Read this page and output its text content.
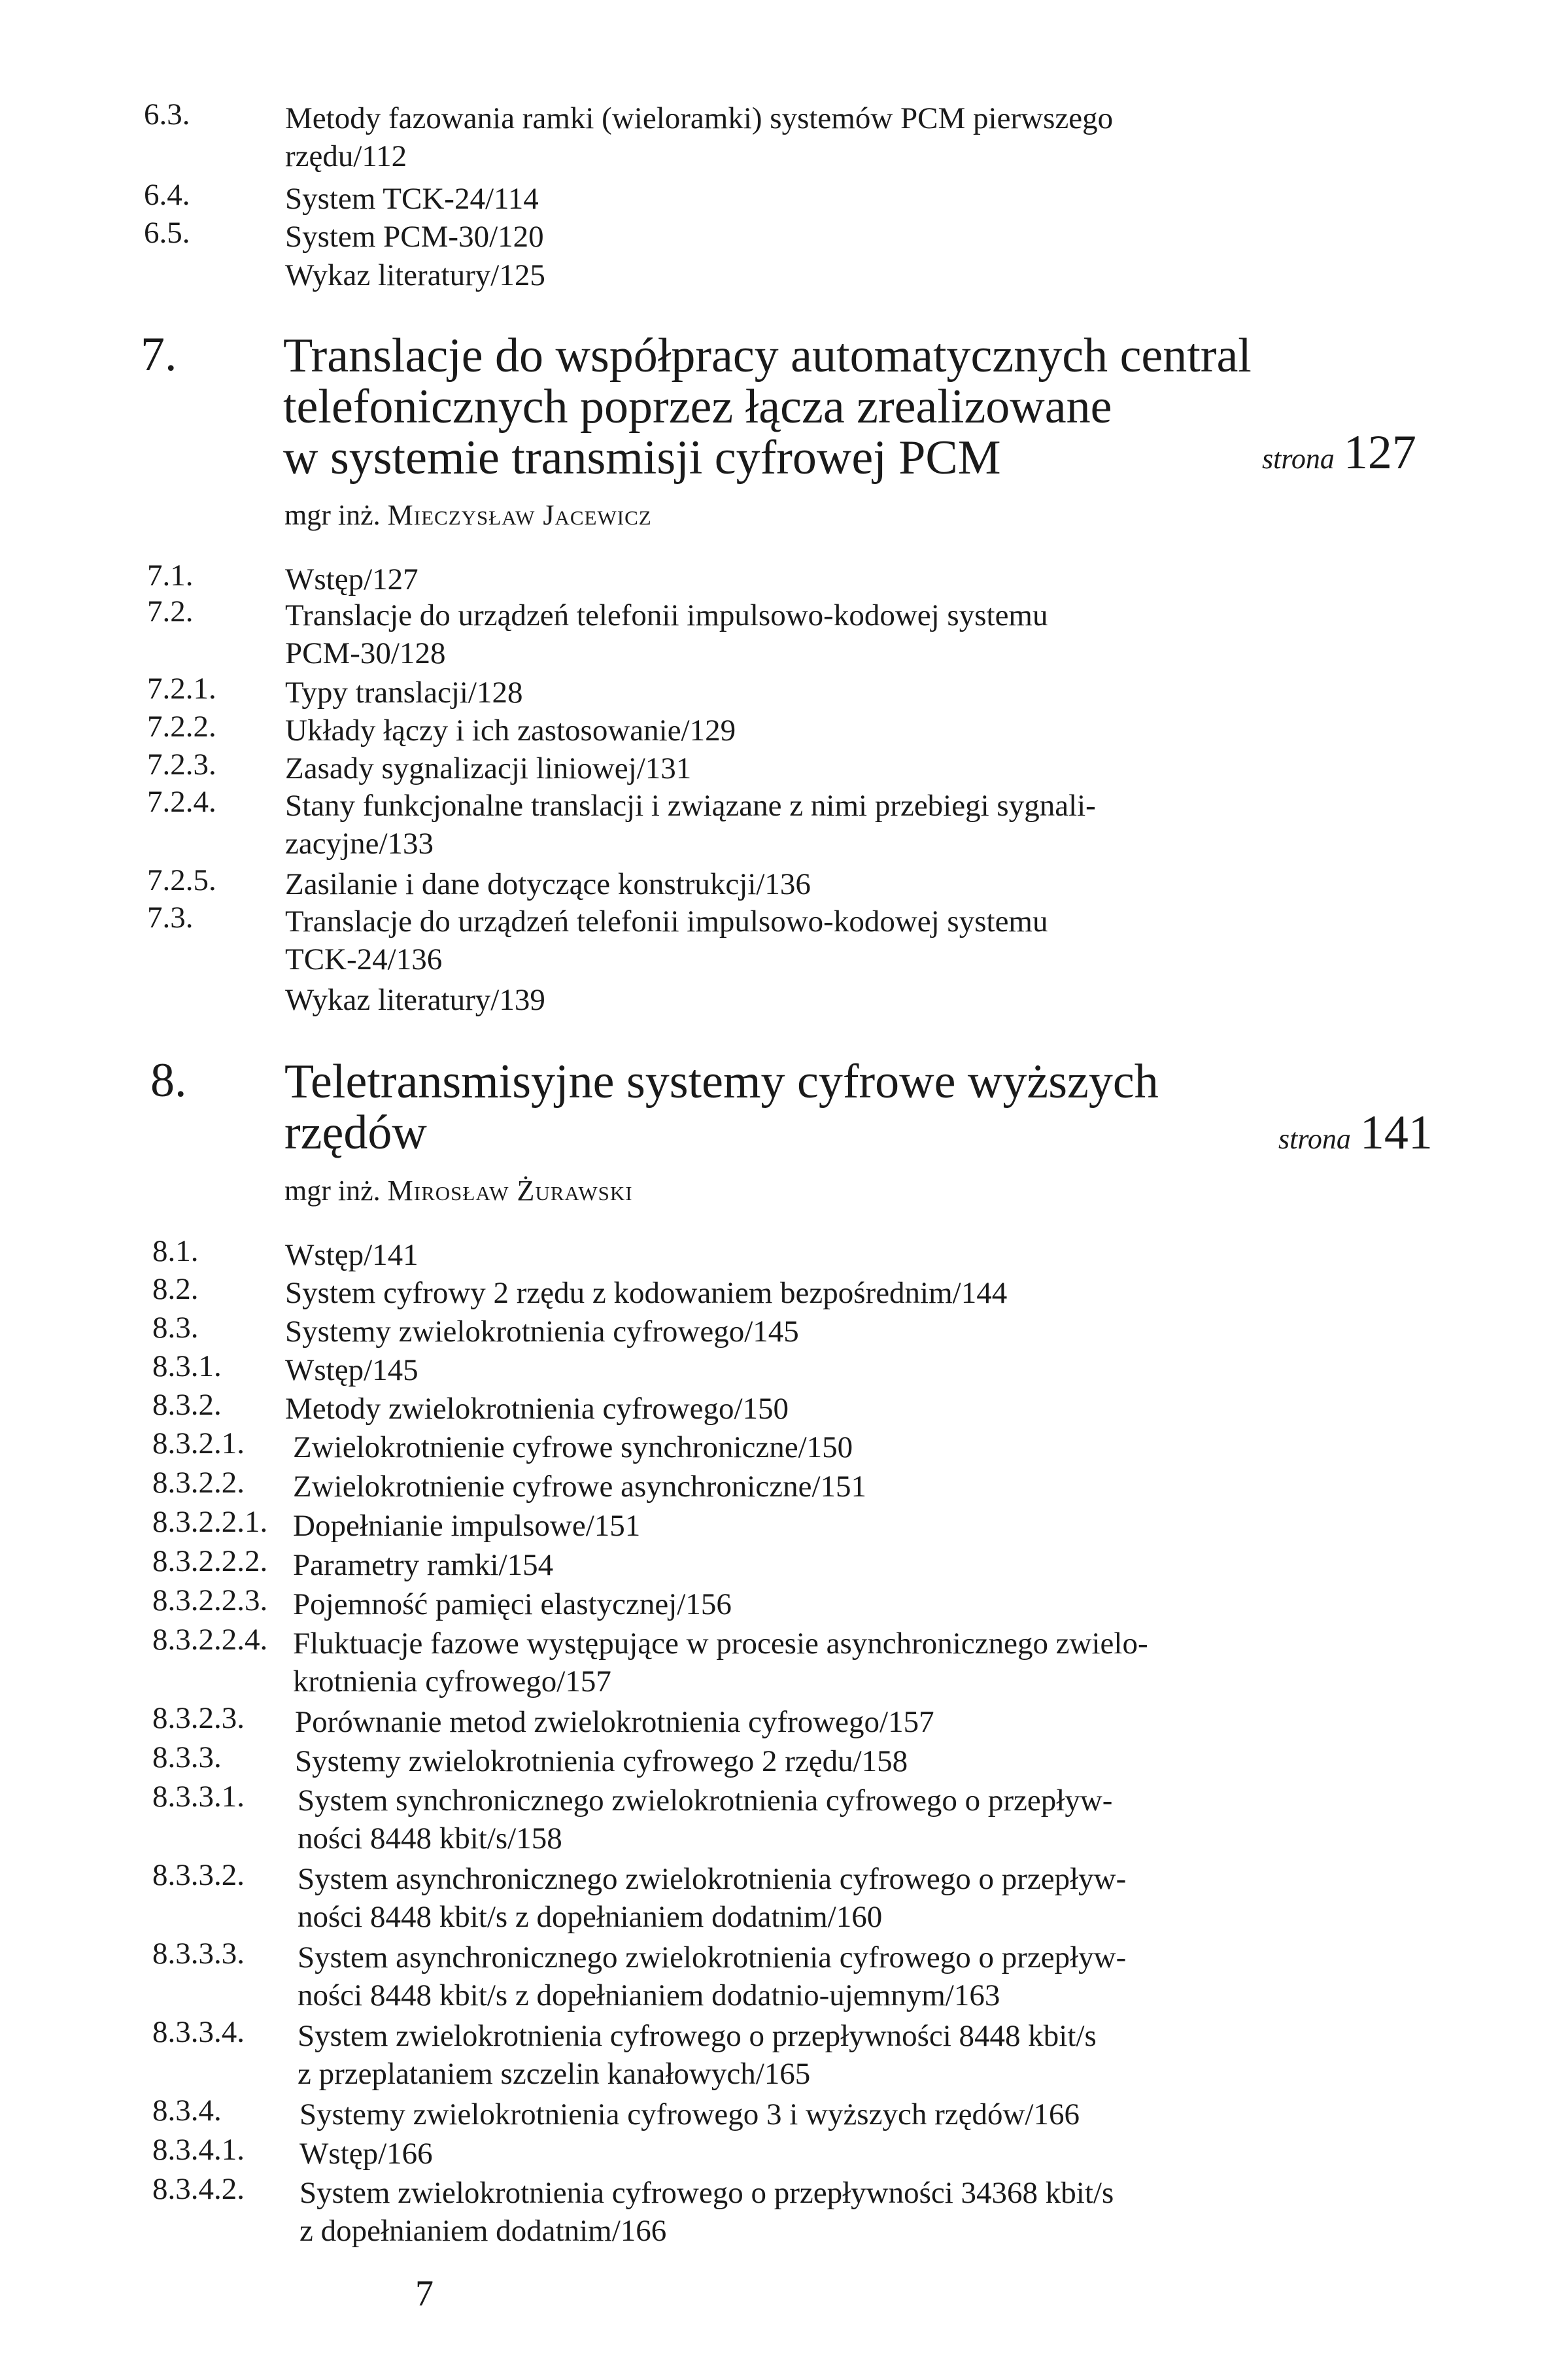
6.3.	Metody fazowania ramki (wieloramki) systemów PCM pierwszego
rzędu/112
6.4.	System TCK-24/114
6.5.	System PCM-30/120
Wykaz literatury/125
7. Translacje do współpracy automatycznych central
telefonicznych poprzez łącza zrealizowane
w systemie transmisji cyfrowej PCM	strona 127
mgr inż. Mieczysław Jacewicz
7.1.	Wstęp/127
7.2.	Translacje do urządzeń telefonii impulsowo-kodowej systemu
PCM-30/128
7.2.1. Typy translacji/128
7.2.2. Układy łączy i ich zastosowanie/129
7.2.3. Zasady sygnalizacji liniowej/131
7.2.4. Stany funkcjonalne translacji i związane z nimi przebiegi sygnali-
zacyjne/133
7.2.5. Zasilanie i dane dotyczące konstrukcji/136
7.3.	Translacje do urządzeń telefonii impulsowo-kodowej systemu
TCK-24/136
Wykaz literatury/139
8. Teletransmisyjne systemy cyfrowe wyższych
rzędów	strona 141
mgr inż. Mirosław Żurawski
8.1.	Wstęp/141
8.2.	System cyfrowy 2 rzędu z kodowaniem bezpośrednim/144
8.3.	Systemy zwielokrotnienia cyfrowego/145
8.3.1. Wstęp/145
8.3.2. Metody zwielokrotnienia cyfrowego/150
8.3.2.1. Zwielokrotnienie cyfrowe synchroniczne/150
8.3.2.2. Zwielokrotnienie cyfrowe asynchroniczne/151
8.3.2.2.1. Dopełnianie impulsowe/151
8.3.2.2.2. Parametry ramki/154
8.3.2.2.3. Pojemność pamięci elastycznej/156
8.3.2.2.4. Fluktuacje fazowe występujące w procesie asynchronicznego zwielo-
krotnienia cyfrowego/157
8.3.2.3. Porównanie metod zwielokrotnienia cyfrowego/157
8.3.3. Systemy zwielokrotnienia cyfrowego 2 rzędu/158
8.3.3.1. System synchronicznego zwielokrotnienia cyfrowego o przepływ-
ności 8448 kbit/s/158
8.3.3.2. System asynchronicznego zwielokrotnienia cyfrowego o przepływ-
ności 8448 kbit/s z dopełnianiem dodatnim/160
8.3.3.3. System asynchronicznego zwielokrotnienia cyfrowego o przepływ-
ności 8448 kbit/s z dopełnianiem dodatnio-ujemnym/163
8.3.3.4. System zwielokrotnienia cyfrowego o przepływności 8448 kbit/s
z przeplataniem szczelin kanałowych/165
8.3.4.	Systemy zwielokrotnienia cyfrowego 3 i wyższych rzędów/166
8.3.4.1. Wstęp/166
8.3.4.2. System zwielokrotnienia cyfrowego o przepływności 34368 kbit/s
z dopełnianiem dodatnim/166
7
